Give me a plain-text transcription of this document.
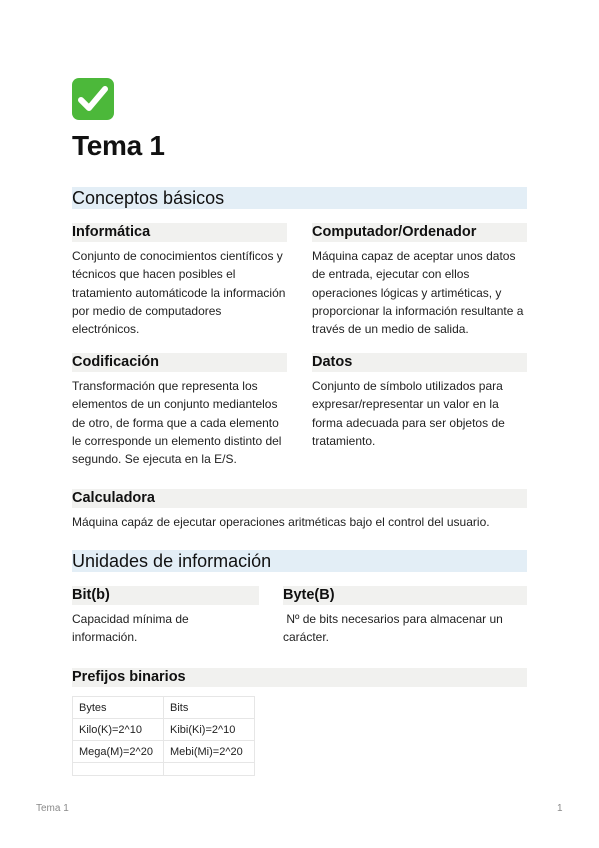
Tema 1
Conceptos básicos
Informática

Conjunto de conocimientos científicos y técnicos que hacen posibles el tratamiento automáticode la información por medio de computadores electrónicos.

Computador/Ordenador

Máquina capaz de aceptar unos datos de entrada, ejecutar con ellos operaciones lógicas y artiméticas, y proporcionar la información resultante a través de un medio de salida.

Codificación

Transformación que representa los elementos de un conjunto mediantelos de otro, de forma que a cada elemento le corresponde un elemento distinto del segundo. Se ejecuta en la E/S.

Datos

Conjunto de símbolo utilizados para expresar/representar un valor en la forma adecuada para ser objetos de tratamiento.

Calculadora

Máquina capáz de ejecutar operaciones aritméticas bajo el control del usuario.

Unidades de información
Bit(b)

Capacidad mínima de información.

Byte(B)

Nº de bits necesarios para almacenar un carácter.

Prefijos binarios
Bytes	Bits
Kilo(K)=2^10	Kibi(Ki)=2^10
Mega(M)=2^20	Mebi(Mi)=2^20

Tema 1	1
